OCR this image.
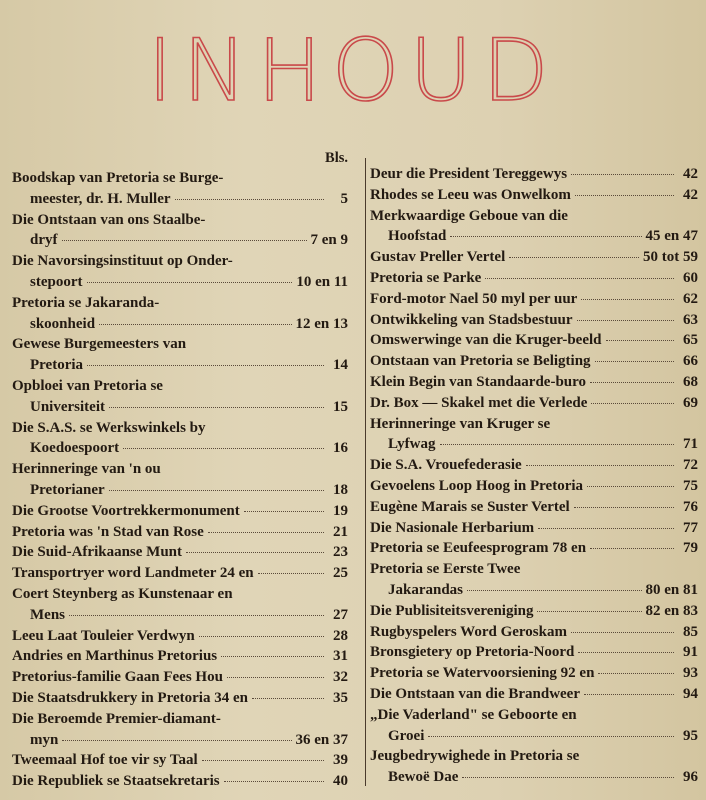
INHOUD
Bls.
Boodskap van Pretoria se Burge-
meester, dr. H. Muller	5
Die Ontstaan van ons Staalbe-
dryf	7 en 9
Die Navorsingsinstituut op Onder-
stepoort	10 en 11
Pretoria se Jakaranda-
skoonheid	12 en 13
Gewese Burgemeesters van
Pretoria	14
Opbloei van Pretoria se
Universiteit	15
Die S.A.S. se Werkswinkels by
Koedoespoort	16
Herinneringe van 'n ou
Pretorianer	18
Die Grootse Voortrekkermonument	19
Pretoria was 'n Stad van Rose	21
Die Suid-Afrikaanse Munt	23
Transportryer word Landmeter 24 en	25
Coert Steynberg as Kunstenaar en
Mens	27
Leeu Laat Touleier Verdwyn	28
Andries en Marthinus Pretorius	31
Pretorius-familie Gaan Fees Hou	32
Die Staatsdrukkery in Pretoria 34 en	35
Die Beroemde Premier-diamant-
myn	36 en 37
Tweemaal Hof toe vir sy Taal	39
Die Republiek se Staatsekretaris	40
Deur die President Tereggewys	42
Rhodes se Leeu was Onwelkom	42
Merkwaardige Geboue van die
Hoofstad	45 en 47
Gustav Preller Vertel	50 tot 59
Pretoria se Parke	60
Ford-motor Nael 50 myl per uur	62
Ontwikkeling van Stadsbestuur	63
Omswerwinge van die Kruger-beeld	65
Ontstaan van Pretoria se Beligting	66
Klein Begin van Standaarde-buro	68
Dr. Box — Skakel met die Verlede	69
Herinneringe van Kruger se
Lyfwag	71
Die S.A. Vrouefederasie	72
Gevoelens Loop Hoog in Pretoria	75
Eugène Marais se Suster Vertel	76
Die Nasionale Herbarium	77
Pretoria se Eeufeesprogram 78 en	79
Pretoria se Eerste Twee
Jakarandas	80 en 81
Die Publisiteitsvereniging	82 en 83
Rugbyspelers Word Geroskam	85
Bronsgietery op Pretoria-Noord	91
Pretoria se Watervoorsiening 92 en	93
Die Ontstaan van die Brandweer	94
„Die Vaderland" se Geboorte en
Groei	95
Jeugbedrywighede in Pretoria se
Bewoë Dae	96
